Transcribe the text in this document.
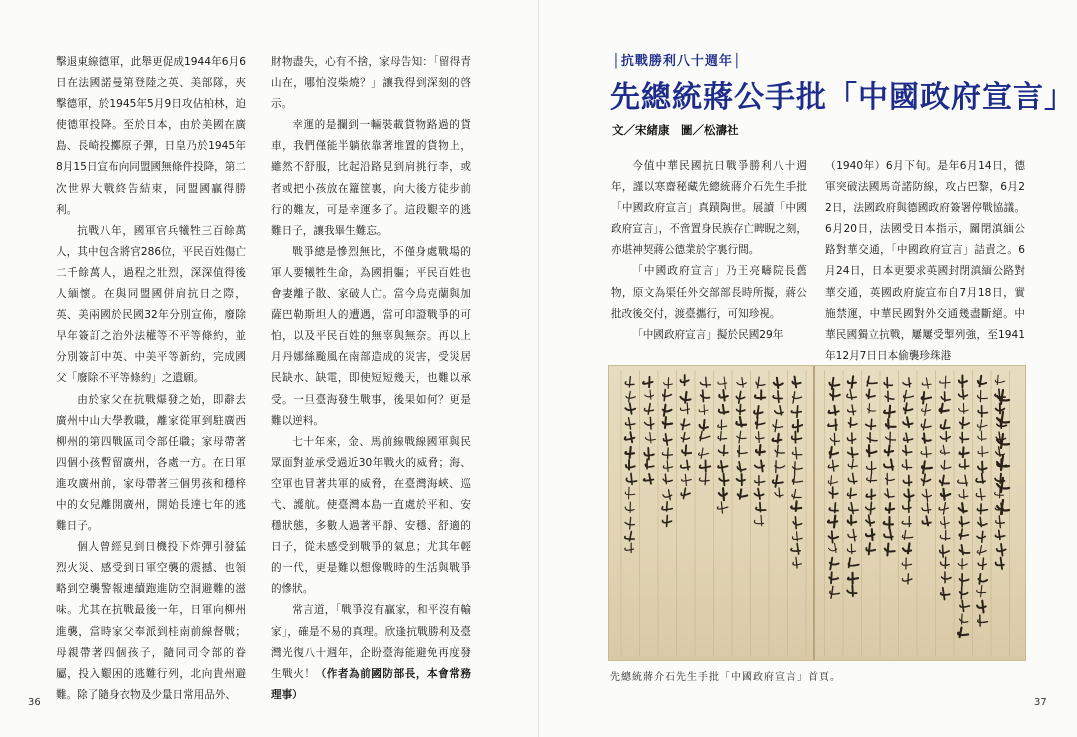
擊退東線德軍，此舉更促成1944年6月6日在法國諾曼第登陸之英、美部隊，夾擊德軍，於1945年5月9日攻佔柏林，迫使德軍投降。至於日本，由於美國在廣島、長崎投擲原子彈，日皇乃於1945年8月15日宣布向同盟國無條件投降，第二次世界大戰終告結束，同盟國贏得勝利。

抗戰八年，國軍官兵犧牲三百餘萬人，其中包含將官286位，平民百姓傷亡二千餘萬人，過程之壯烈，深深值得後人緬懷。在與同盟國併肩抗日之際，英、美兩國於民國32年分別宣佈，廢除早年簽訂之治外法權等不平等條約，並分別簽訂中英、中美平等新約，完成國父「廢除不平等條約」之遺願。

由於家父在抗戰爆發之始，即辭去廣州中山大學教職，離家從軍到駐廣西柳州的第四戰區司令部任職；家母帶著四個小孩暫留廣州，各處一方。在日軍進攻廣州前，家母帶著三個男孩和穩梓中的女兒離開廣州，開始長達七年的逃難日子。

個人曾經見到日機投下炸彈引發猛烈火災、感受到日軍空襲的震撼、也領略到空襲警報連續跑進防空洞避難的滋味。尤其在抗戰最後一年，日軍向柳州進襲，當時家父奉派到桂南前線督戰；母親帶著四個孩子，隨同司令部的眷屬，投入艱困的逃難行列，北向貴州避難。除了隨身衣物及少量日常用品外、

財物盡失，心有不捨，家母告知：「留得青山在，哪怕沒柴燒？」讓我得到深刻的啓示。

幸運的是攔到一輛裝載貨物路過的貨車，我們僅能半躺依靠著堆置的貨物上，雖然不舒服，比起沿路見到肩挑行李，或者或把小孩放在籮筐裏，向大後方徒步前行的難友，可是幸運多了。這段艱辛的逃難日子，讓我畢生難忘。

戰爭總是慘烈無比，不僅身處戰場的軍人要犧牲生命，為國捐軀；平民百姓也會妻離子散、家破人亡。當今烏克蘭與加薩巴勒斯坦人的遭遇，當可印證戰爭的可怕，以及平民百姓的無辜與無奈。再以上月丹娜絲颱風在南部造成的災害，受災居民缺水、缺電，即使短短幾天，也難以承受。一旦臺海發生戰事，後果如何？更是難以逆料。

七十年來，金、馬前線戰線國軍與民眾面對並承受過近30年戰火的威脅；海、空軍也冒著共軍的威脅，在臺灣海峽、巡弋、護航。使臺灣本島一直處於平和、安穩狀態，多數人過著平靜、安穩、舒適的日子，從未感受到戰爭的氣息；尤其年輕的一代，更是難以想像戰時的生活與戰爭的慘狀。

常言道，「戰爭沒有贏家，和平沒有輸家」，確是不易的真理。欣逢抗戰勝利及臺灣光復八十週年，企盼臺海能避免再度發生戰火！（作者為前國防部長，本會常務理事）

36
│抗戰勝利八十週年│
先總統蔣公手批「中國政府宣言」
文／宋緒康　圖／松濤社

今值中華民國抗日戰爭勝利八十週年，謹以寒齋秘藏先總統蔣介石先生手批「中國政府宣言」真蹟陶世。展讀「中國政府宣言」，不啻置身民族存亡睥睨之刻，亦堪神契蔣公德業於字裏行間。

「中國政府宣言」乃王亮疇院長舊物，原文為渠任外交部部長時所擬，蔣公批改後交付，渡臺攜行，可知珍視。

「中國政府宣言」擬於民國29年

（1940年）6月下旬。是年6月14日，德軍突破法國馬奇諾防線，攻占巴黎，6月22日，法國政府與德國政府簽署停戰協議。6月20日，法國受日本指示，關閉滇緬公路對華交通，「中國政府宣言」詰責之。6月24日，日本更要求英國封閉滇緬公路對華交通，英國政府旋宣布自7月18日，實施禁運，中華民國對外交通幾盡斷絕。中華民國獨立抗戰，屢屢受掣列強，至1941年12月7日日本偷襲珍珠港

先總統蔣介石先生手批「中國政府宣言」首頁。
37
